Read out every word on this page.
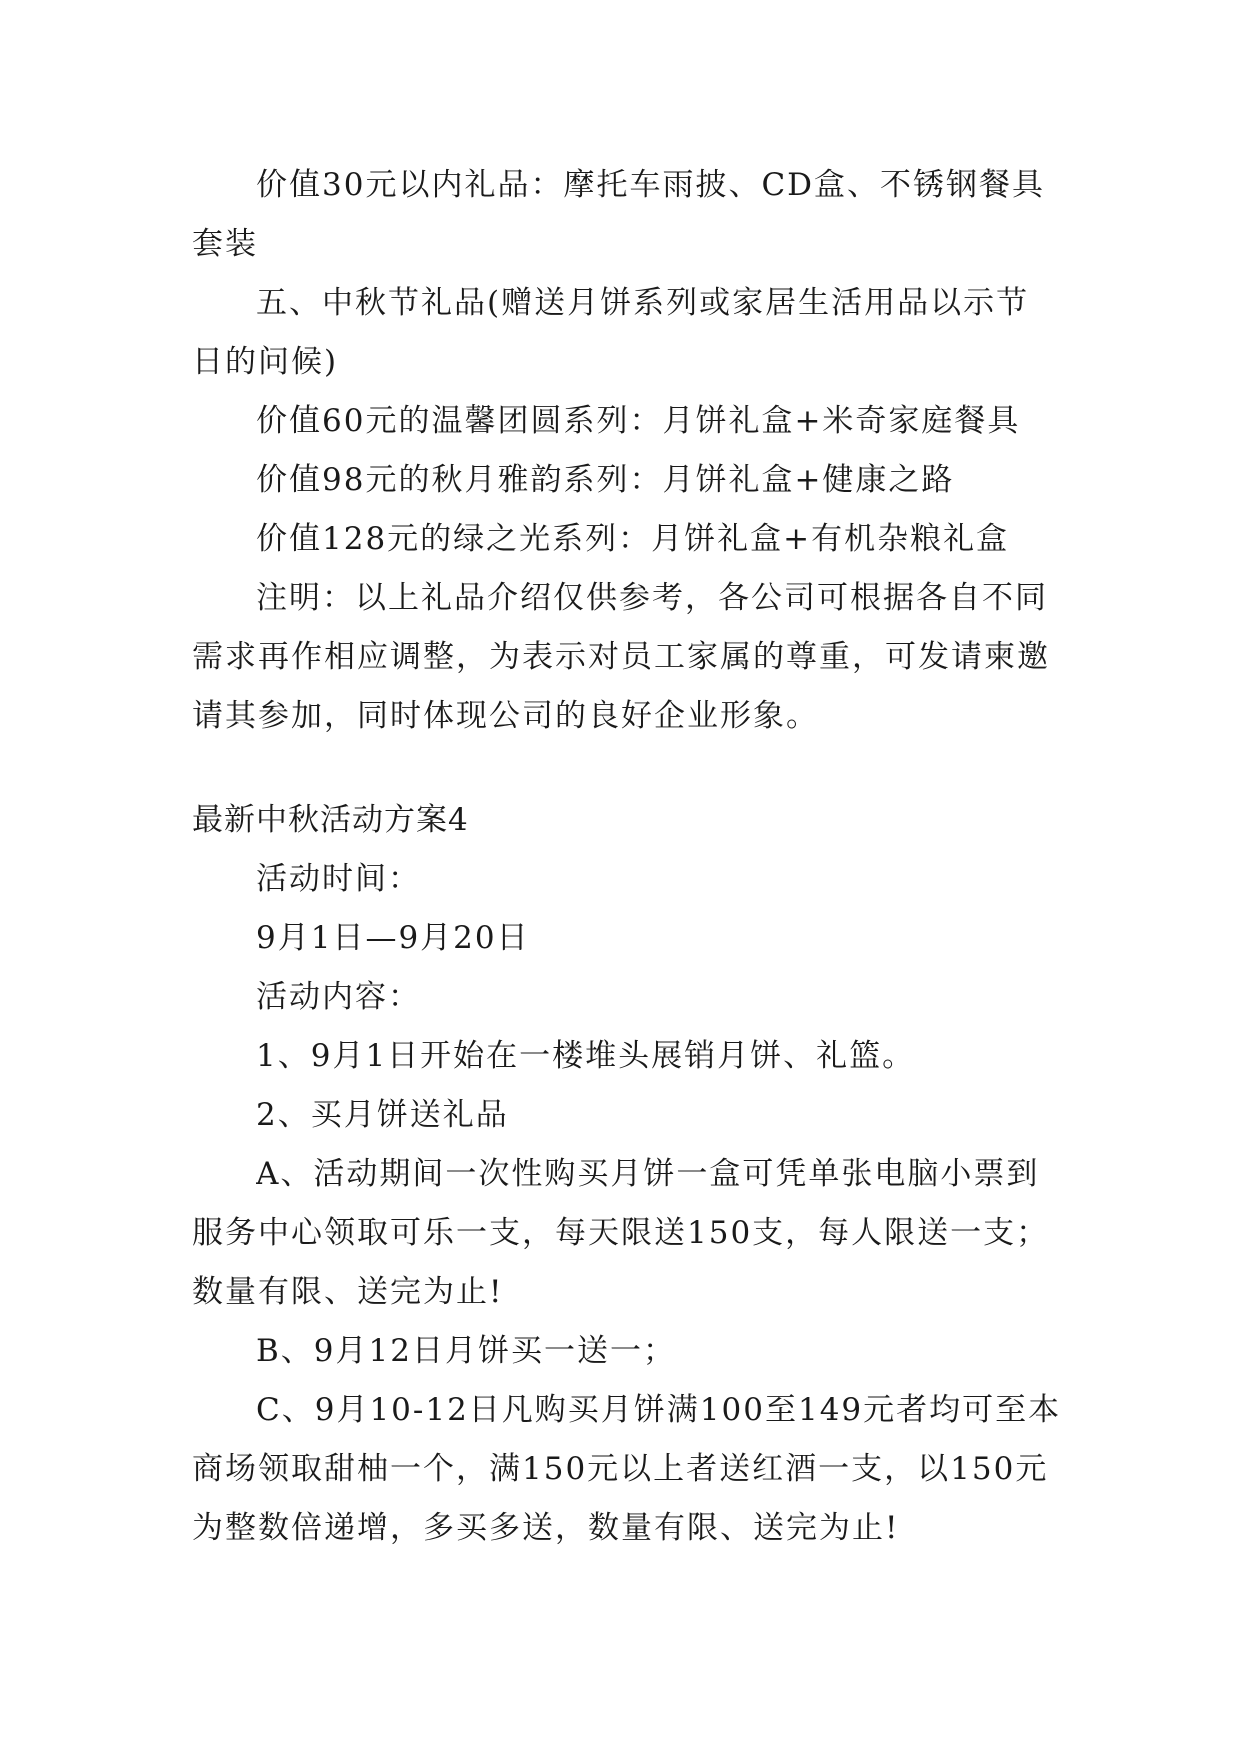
价值30元以内礼品：摩托车雨披、CD盒、不锈钢餐具
套装
五、中秋节礼品(赠送月饼系列或家居生活用品以示节
日的问候)
价值60元的温馨团圆系列：月饼礼盒+米奇家庭餐具
价值98元的秋月雅韵系列：月饼礼盒+健康之路
价值128元的绿之光系列：月饼礼盒+有机杂粮礼盒
注明：以上礼品介绍仅供参考，各公司可根据各自不同
需求再作相应调整，为表示对员工家属的尊重，可发请柬邀
请其参加，同时体现公司的良好企业形象。
最新中秋活动方案4
活动时间：
9月1日—9月20日
活动内容：
1、9月1日开始在一楼堆头展销月饼、礼篮。
2、买月饼送礼品
A、活动期间一次性购买月饼一盒可凭单张电脑小票到
服务中心领取可乐一支，每天限送150支，每人限送一支；
数量有限、送完为止!
B、9月12日月饼买一送一；
C、9月10-12日凡购买月饼满100至149元者均可至本
商场领取甜柚一个，满150元以上者送红酒一支，以150元
为整数倍递增，多买多送，数量有限、送完为止!
